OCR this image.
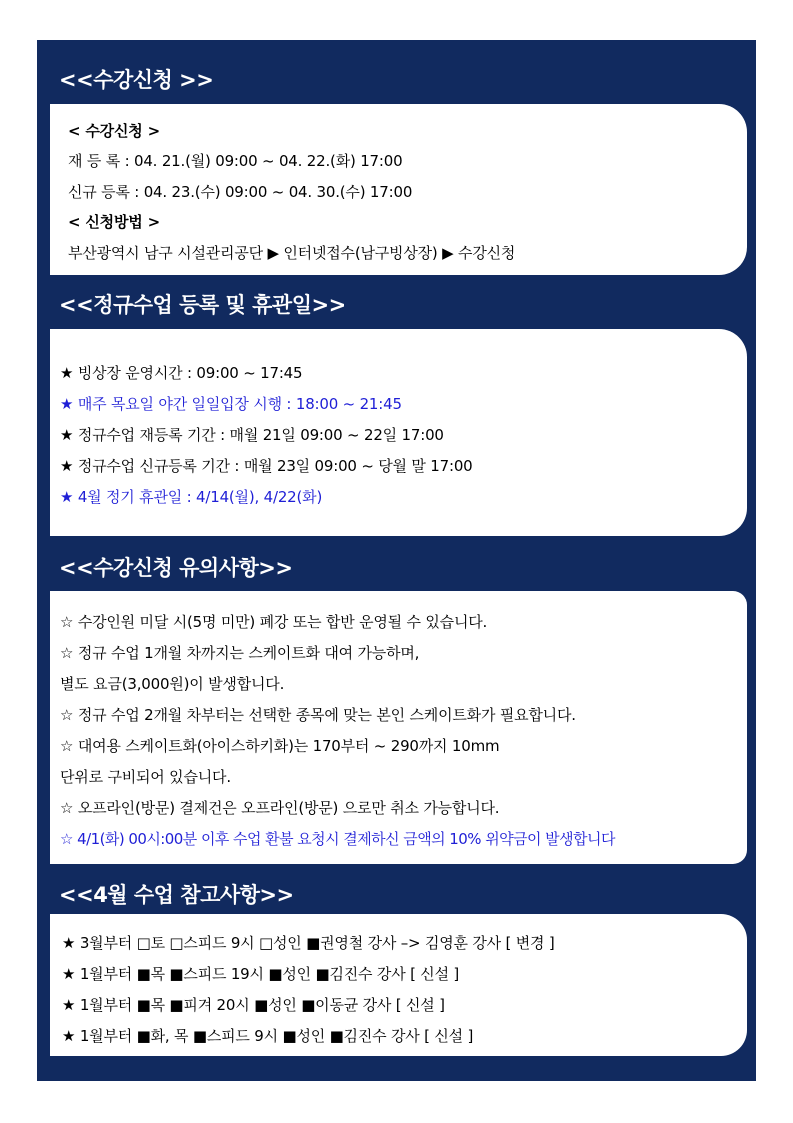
<<수강신청 >>
< 수강신청 >
재 등 록 : 04. 21.(월) 09:00 ~ 04. 22.(화) 17:00
신규 등록 : 04. 23.(수) 09:00 ~ 04. 30.(수) 17:00
< 신청방법 >
부산광역시 남구 시설관리공단 ▶ 인터넷접수(남구빙상장) ▶ 수강신청
<<정규수업 등록 및 휴관일>>
★ 빙상장 운영시간 : 09:00 ~ 17:45
★ 매주 목요일 야간 일일입장 시행 : 18:00 ~ 21:45
★ 정규수업 재등록 기간 : 매월 21일 09:00 ~ 22일 17:00
★ 정규수업 신규등록 기간 : 매월 23일 09:00 ~ 당월 말 17:00
★ 4월 정기 휴관일 : 4/14(월), 4/22(화)
<<수강신청 유의사항>>
☆ 수강인원 미달 시(5명 미만) 폐강 또는 합반 운영될 수 있습니다.
☆ 정규 수업 1개월 차까지는 스케이트화 대여 가능하며,
별도 요금(3,000원)이 발생합니다.
☆ 정규 수업 2개월 차부터는 선택한 종목에 맞는 본인 스케이트화가 필요합니다.
☆ 대여용 스케이트화(아이스하키화)는 170부터 ~ 290까지 10mm
단위로 구비되어 있습니다.
☆ 오프라인(방문) 결제건은 오프라인(방문) 으로만 취소 가능합니다.
☆ 4/1(화) 00시:00분 이후 수업 환불 요청시 결제하신 금액의 10% 위약금이 발생합니다
<<4월 수업 참고사항>>
★ 3월부터 □토 □스피드 9시 □성인 ■권영철 강사 –> 김영훈 강사 [ 변경 ]
★ 1월부터 ■목 ■스피드 19시 ■성인 ■김진수 강사 [ 신설 ]
★ 1월부터 ■목 ■피겨 20시 ■성인 ■이동균 강사 [ 신설 ]
★ 1월부터 ■화, 목 ■스피드 9시 ■성인 ■김진수 강사 [ 신설 ]
